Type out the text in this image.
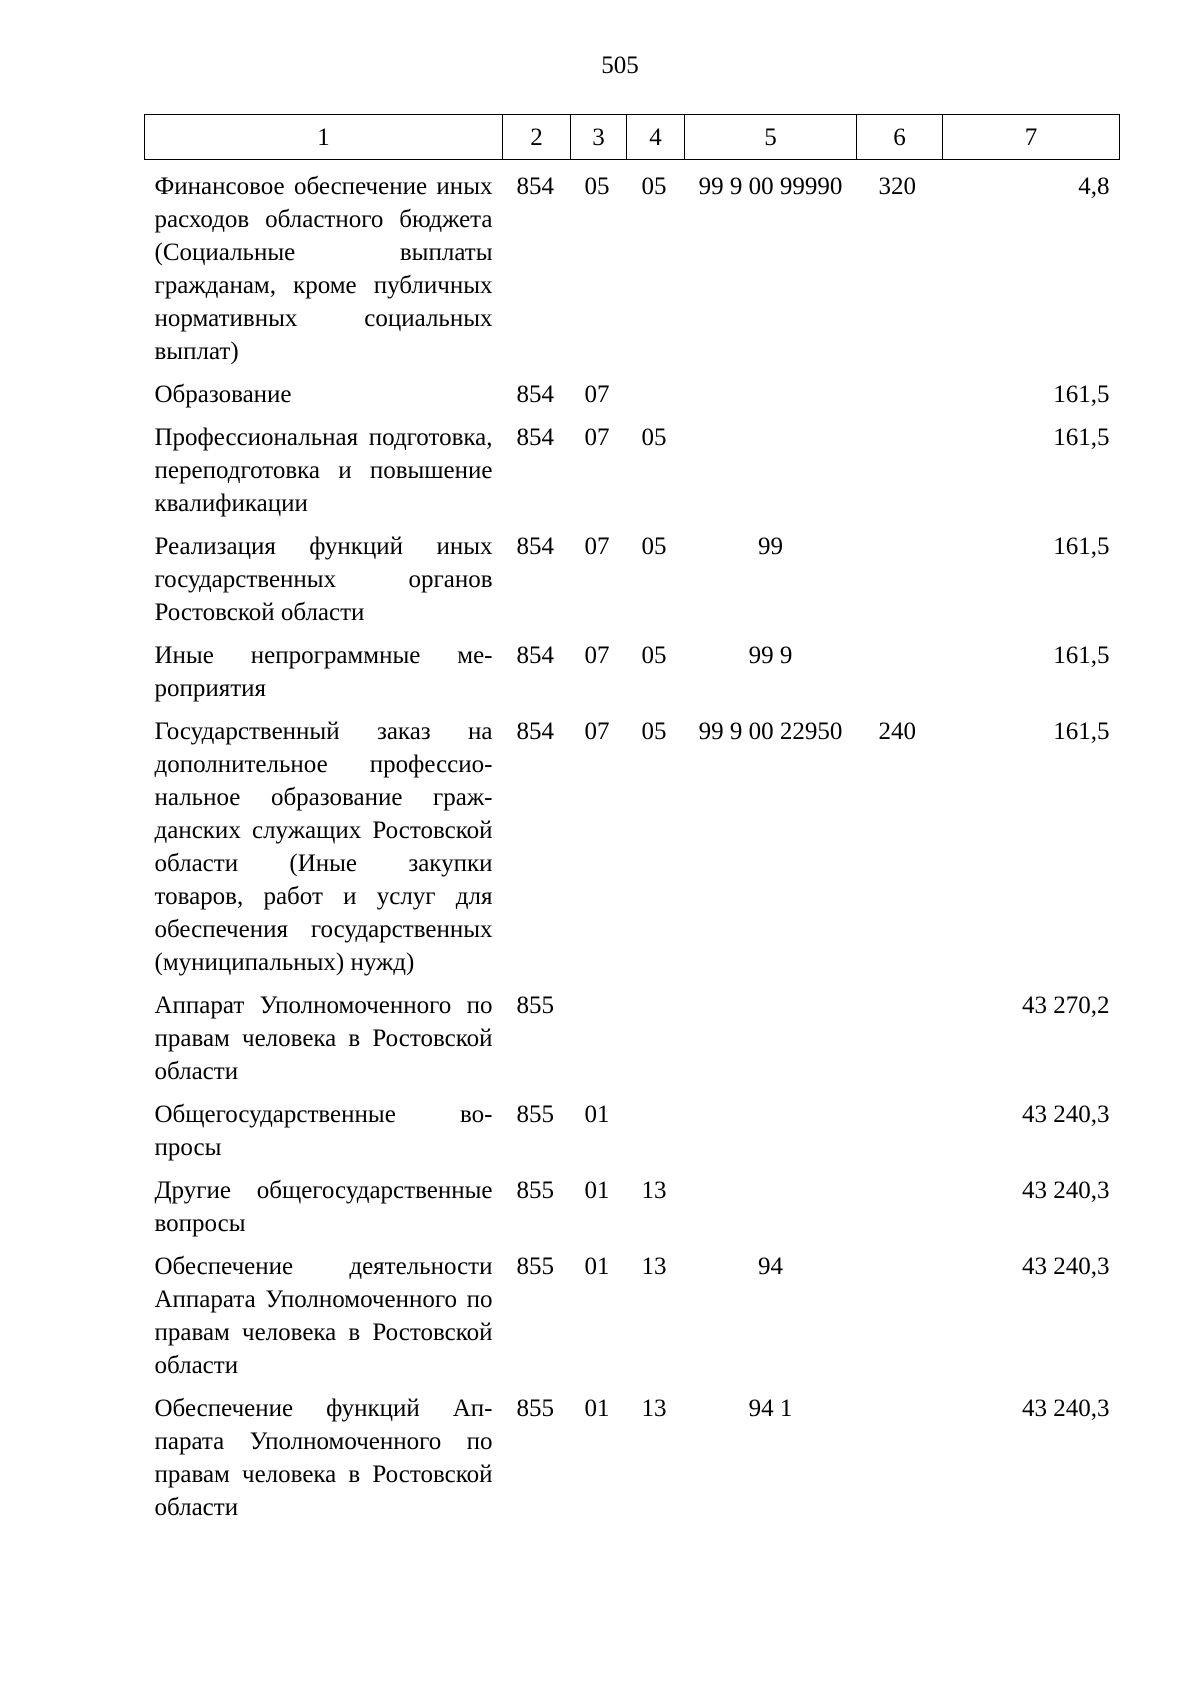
505
1	2	3	4	5	6	7
Финансовое обеспечение иных расходов областного бюджета (Социальные выплаты гражданам, кроме публичных нормативных социальных выплат)	854	05	05	99 9 00 99990	320	4,8
Образование	854	07				161,5
Профессиональная подготовка, переподготовка и повышение квалификации	854	07	05			161,5
Реализация функций иных государственных органов Ростовской области	854	07	05	99		161,5
Иные непрограммные мероприятия	854	07	05	99 9		161,5
Государственный заказ на дополнительное профессиональное образование гражданских служащих Ростовской области (Иные закупки товаров, работ и услуг для обеспечения государственных (муниципальных) нужд)	854	07	05	99 9 00 22950	240	161,5
Аппарат Уполномоченного по правам человека в Ростовской области	855					43 270,2
Общегосударственные вопросы	855	01				43 240,3
Другие общегосударственные вопросы	855	01	13			43 240,3
Обеспечение деятельности Аппарата Уполномоченного по правам человека в Ростовской области	855	01	13	94		43 240,3
Обеспечение функций Аппарата Уполномоченного по правам человека в Ростовской области	855	01	13	94 1		43 240,3
